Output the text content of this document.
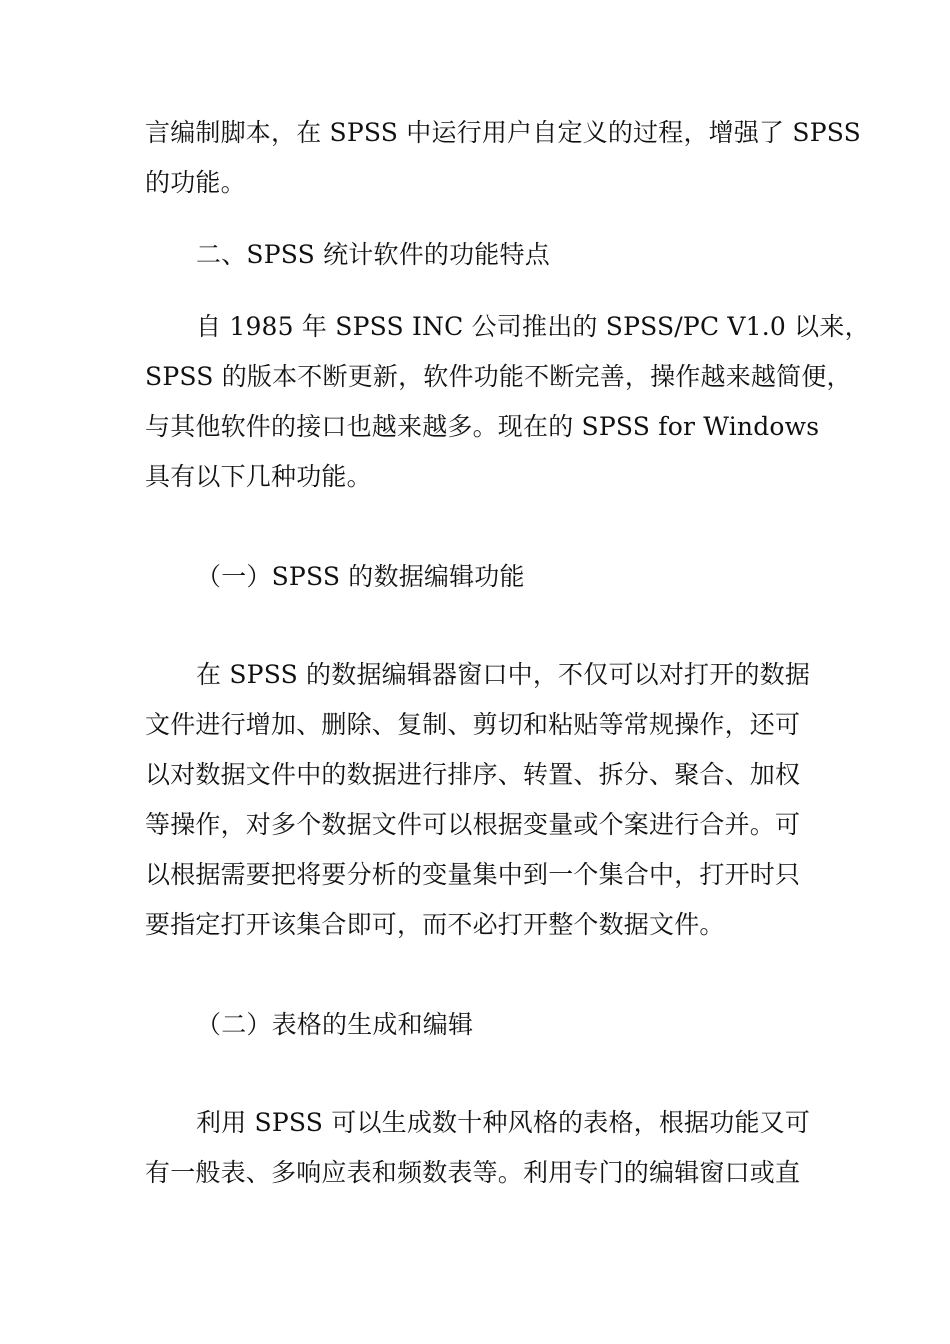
言编制脚本，在 SPSS 中运行用户自定义的过程，增强了 SPSS
的功能。
二、SPSS 统计软件的功能特点
自 1985 年 SPSS INC 公司推出的 SPSS/PC V1.0 以来，
SPSS 的版本不断更新，软件功能不断完善，操作越来越简便，
与其他软件的接口也越来越多。现在的 SPSS for Windows
具有以下几种功能。
（一）SPSS 的数据编辑功能
在 SPSS 的数据编辑器窗口中，不仅可以对打开的数据
文件进行增加、删除、复制、剪切和粘贴等常规操作，还可
以对数据文件中的数据进行排序、转置、拆分、聚合、加权
等操作，对多个数据文件可以根据变量或个案进行合并。可
以根据需要把将要分析的变量集中到一个集合中，打开时只
要指定打开该集合即可，而不必打开整个数据文件。
（二）表格的生成和编辑
利用 SPSS 可以生成数十种风格的表格，根据功能又可
有一般表、多响应表和频数表等。利用专门的编辑窗口或直
